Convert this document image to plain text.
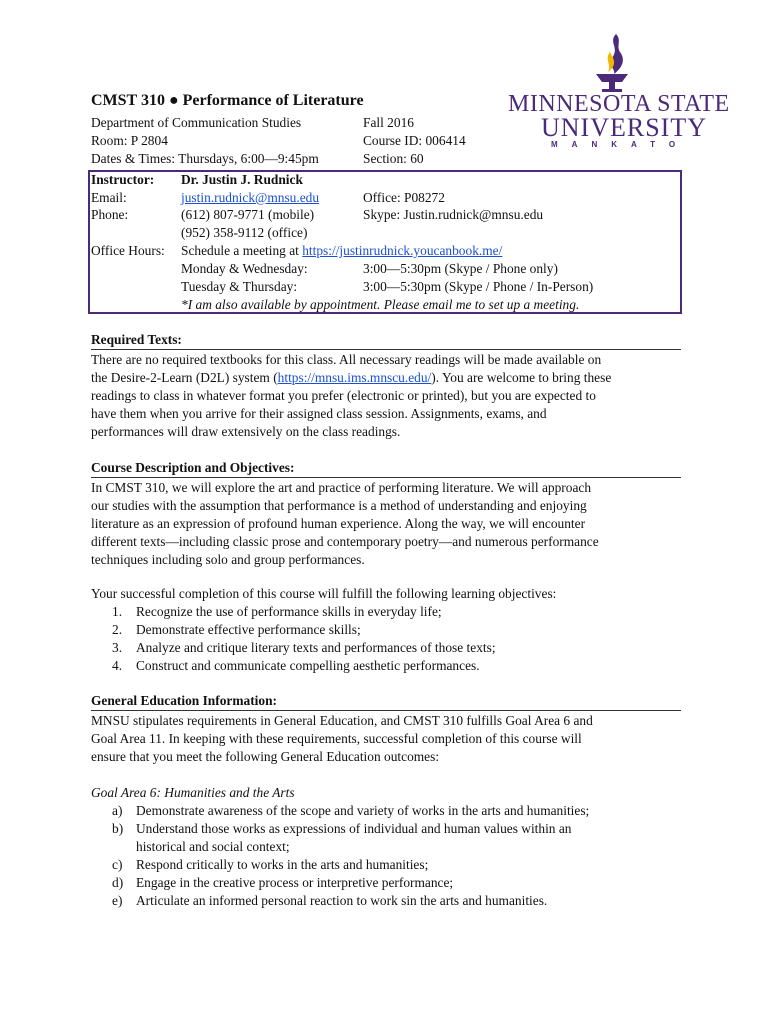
MINNESOTA STATE
UNIVERSITY
MANKATO
CMST 310 ● Performance of Literature
Department of Communication Studies	Fall 2016
Room: P 2804	Course ID: 006414
Dates & Times: Thursdays, 6:00—9:45pm	Section: 60
Instructor: Dr. Justin J. Rudnick
Email:	justin.rudnick@mnsu.edu	Office: P08272
Phone:	(612) 807-9771 (mobile)	Skype: Justin.rudnick@mnsu.edu
(952) 358-9112 (office)
Office Hours: Schedule a meeting at https://justinrudnick.youcanbook.me/
Monday & Wednesday:	3:00—5:30pm (Skype / Phone only)
Tuesday & Thursday:	3:00—5:30pm (Skype / Phone / In-Person)
*I am also available by appointment. Please email me to set up a meeting.
Required Texts:

There are no required textbooks for this class. All necessary readings will be made available on

the Desire-2-Learn (D2L) system (https://mnsu.ims.mnscu.edu/). You are welcome to bring these

readings to class in whatever format you prefer (electronic or printed), but you are expected to

have them when you arrive for their assigned class session. Assignments, exams, and

performances will draw extensively on the class readings.

Course Description and Objectives:

In CMST 310, we will explore the art and practice of performing literature. We will approach

our studies with the assumption that performance is a method of understanding and enjoying

literature as an expression of profound human experience. Along the way, we will encounter

different texts—including classic prose and contemporary poetry—and numerous performance

techniques including solo and group performances.

Your successful completion of this course will fulfill the following learning objectives:
1. Recognize the use of performance skills in everyday life;
2. Demonstrate effective performance skills;
3. Analyze and critique literary texts and performances of those texts;
4. Construct and communicate compelling aesthetic performances.
General Education Information:

MNSU stipulates requirements in General Education, and CMST 310 fulfills Goal Area 6 and

Goal Area 11. In keeping with these requirements, successful completion of this course will

ensure that you meet the following General Education outcomes:

Goal Area 6: Humanities and the Arts
a) Demonstrate awareness of the scope and variety of works in the arts and humanities;
b) Understand those works as expressions of individual and human values within an
historical and social context;
c) Respond critically to works in the arts and humanities;
d) Engage in the creative process or interpretive performance;
e) Articulate an informed personal reaction to work sin the arts and humanities.
